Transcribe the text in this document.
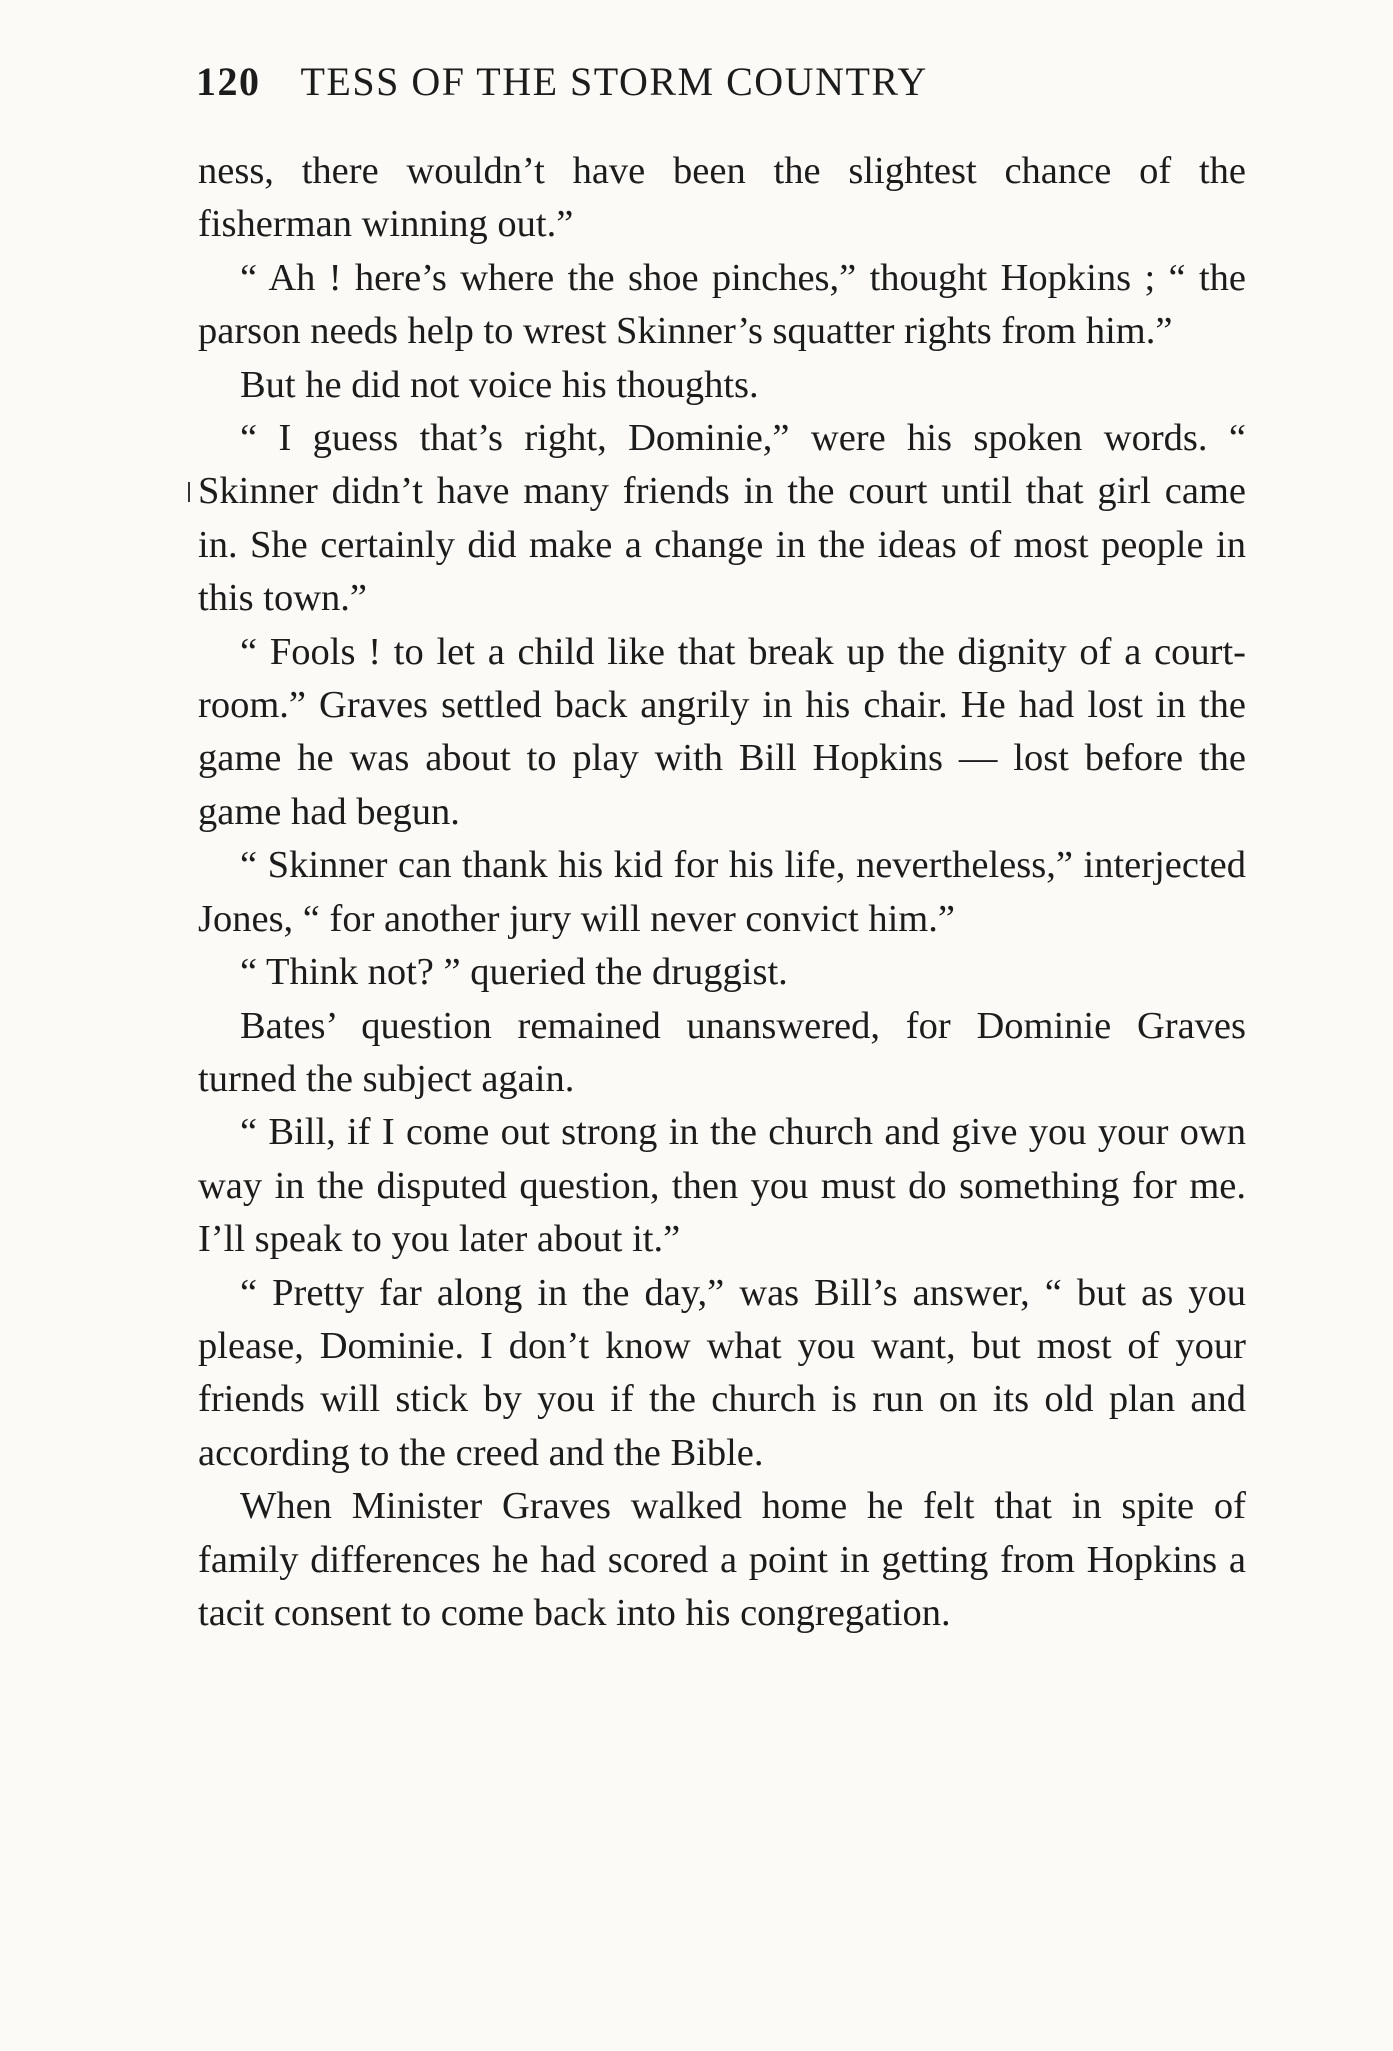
120 TESS OF THE STORM COUNTRY

ness, there wouldn’t have been the slightest chance of the fisherman winning out.”

“ Ah ! here’s where the shoe pinches,” thought Hopkins ; “ the parson needs help to wrest Skinner’s squatter rights from him.”

But he did not voice his thoughts.

“ I guess that’s right, Dominie,” were his spoken words. “ Skinner didn’t have many friends in the court until that girl came in. She certainly did make a change in the ideas of most people in this town.”

“ Fools ! to let a child like that break up the dignity of a court-room.” Graves settled back angrily in his chair. He had lost in the game he was about to play with Bill Hopkins — lost before the game had begun.

“ Skinner can thank his kid for his life, nevertheless,” interjected Jones, “ for another jury will never convict him.”

“ Think not? ” queried the druggist.

Bates’ question remained unanswered, for Dominie Graves turned the subject again.

“ Bill, if I come out strong in the church and give you your own way in the disputed question, then you must do something for me. I’ll speak to you later about it.”

“ Pretty far along in the day,” was Bill’s answer, “ but as you please, Dominie. I don’t know what you want, but most of your friends will stick by you if the church is run on its old plan and according to the creed and the Bible.

When Minister Graves walked home he felt that in spite of family differences he had scored a point in getting from Hopkins a tacit consent to come back into his congregation.
